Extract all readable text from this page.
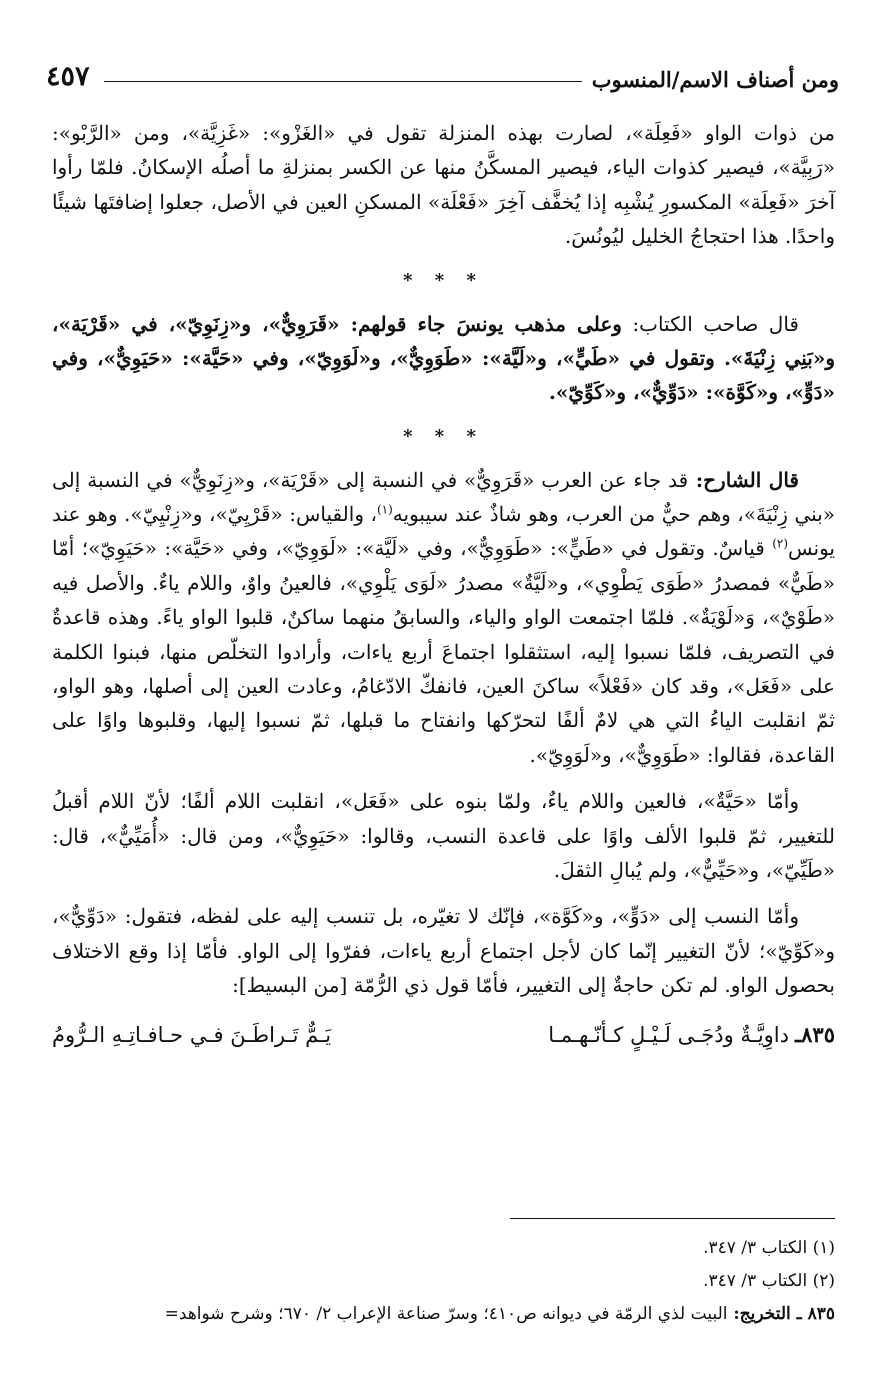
ومن أصناف الاسم/المنسوب
٤٥٧

من ذوات الواو «فَعِلَة»، لصارت بهذه المنزلة تقول في «الغَزْو»: «غَزِيَّة»، ومن «الرَّبْو»: «رَبِيَّة»، فيصير كذوات الياء، فيصير المسكَّنُ منها عن الكسر بمنزلةِ ما أصلُه الإسكانُ. فلمّا رأوا آخرَ «فَعِلَة» المكسورِ يُشْبِه إذا يُخفَّف آخِرَ «فَعْلَة» المسكنِ العين في الأصل، جعلوا إضافتَها شيئًا واحدًا. هذا احتجاجُ الخليل ليُونُسَ.

* * *

قال صاحب الكتاب: وعلى مذهب يونسَ جاء قولهم: «قَرَوِيٌّ»، و«زِنَوِيّ»، في «قَرْيَة»، و«بَنِي زِنْيَةَ». وتقول في «طَيٍّ»، و«لَيَّة»: «طَوَوِيٌّ»، و«لَوَوِيّ»، وفي «حَيَّة»: «حَيَوِيٌّ»، وفي «دَوٍّ»، و«كَوَّة»: «دَوِّيٌّ»، و«كَوِّيّ».

* * *

قال الشارح: قد جاء عن العرب «قَرَوِيٌّ» في النسبة إلى «قَرْيَة»، و«زِنَوِيٌّ» في النسبة إلى «بني زِنْيَةَ»، وهم حيٌّ من العرب، وهو شاذٌ عند سيبويه$^{(١)}$، والقياس: «قَرْيِيّ»، و«زِنْيِيّ». وهو عند يونس$^{(٢)}$ قياسٌ. وتقول في «طَيٍّ»: «طَوَوِيٌّ»، وفي «لَيَّة»: «لَوَوِيّ»، وفي «حَيَّة»: «حَيَوِيّ»؛ أمّا «طَيٌّ» فمصدرُ «طَوَى يَطْوِي»، و«لَيَّةٌ» مصدرُ «لَوَى يَلْوِي»، فالعينُ واوٌ، واللام ياءٌ. والأصل فيه «طَوْيٌ»، وَ«لَوْيَةٌ». فلمّا اجتمعت الواو والياء، والسابقُ منهما ساكنٌ، قلبوا الواو ياءً. وهذه قاعدةٌ في التصريف، فلمّا نسبوا إليه، استثقلوا اجتماعَ أربع ياءات، وأرادوا التخلّص منها، فبنوا الكلمة على «فَعَل»، وقد كان «فَعْلاً» ساكنَ العين، فانفكّ الادّغامُ، وعادت العين إلى أصلها، وهو الواو، ثمّ انقلبت الياءُ التي هي لامٌ ألفًا لتحرّكها وانفتاح ما قبلها، ثمّ نسبوا إليها، وقلبوها واوًا على القاعدة، فقالوا: «طَوَوِيٌّ»، و«لَوَوِيّ».

وأمّا «حَيَّةٌ»، فالعين واللام ياءٌ، ولمّا بنوه على «فَعَل»، انقلبت اللام ألفًا؛ لأنّ اللام أقبلُ للتغيير، ثمّ قلبوا الألف واوًا على قاعدة النسب، وقالوا: «حَيَوِيٌّ»، ومن قال: «أُمَيِّيٌّ»، قال: «طَيِّيّ»، و«حَيِّيٌّ»، ولم يُبالِ الثقلَ.

وأمّا النسب إلى «دَوٍّ»، و«كَوَّة»، فإنّك لا تغيّره، بل تنسب إليه على لفظه، فتقول: «دَوِّيٌّ»، و«كَوِّيّ»؛ لأنّ التغيير إنّما كان لأجل اجتماع أربع ياءات، ففرّوا إلى الواو. فأمّا إذا وقع الاختلاف بحصول الواو. لم تكن حاجةٌ إلى التغيير، فأمّا قول ذي الرُّمّة [من البسيط]:

٨٣٥ـ
داوِيَّـةٌ ودُجَـى لَـيْـلٍ كـأنّـهـمـا
يَـمٌّ تَـراطَـنَ فـي حـافـاتِـهِ الـرُّومُ
(١) الكتاب ٣/ ٣٤٧.
(٢) الكتاب ٣/ ٣٤٧.
٨٣٥ ـ التخريج: البيت لذي الرمّة في ديوانه ص٤١٠؛ وسرّ صناعة الإعراب ٢/ ٦٧٠؛ وشرح شواهد=
